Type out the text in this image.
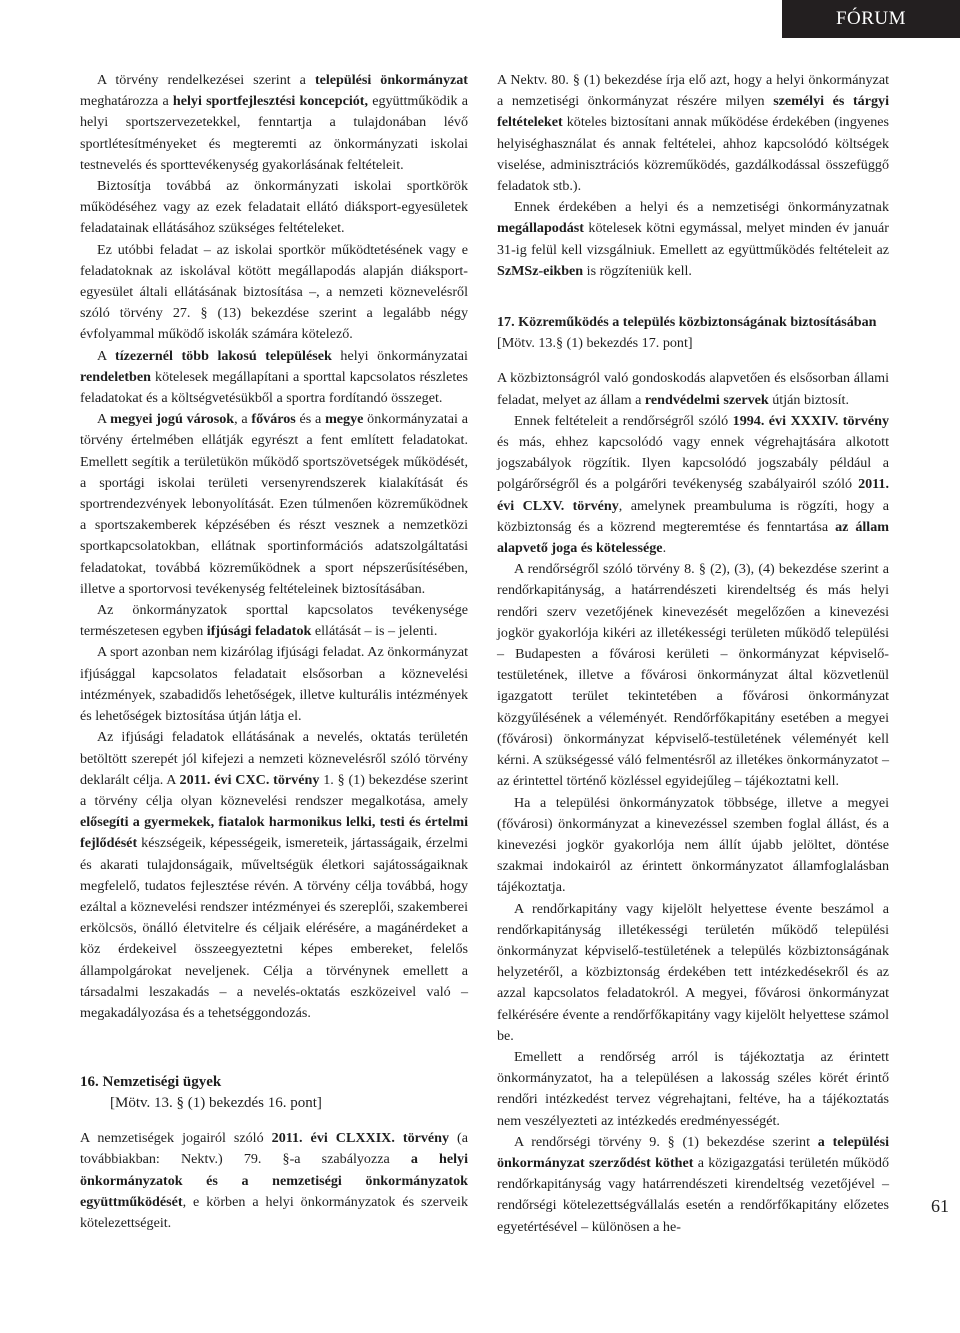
FÓRUM

A törvény rendelkezései szerint a települési önkormányzat meghatározza a helyi sportfejlesztési koncepciót, együttműködik a helyi sportszervezetekkel, fenntartja a tulajdonában lévő sportlétesítményeket és megteremti az önkormányzati iskolai testnevelés és sporttevékenység gyakorlásának feltételeit.

Biztosítja továbbá az önkormányzati iskolai sportkörök működéséhez vagy az ezek feladatait ellátó diáksport-egyesületek feladatainak ellátásához szükséges feltételeket.

Ez utóbbi feladat – az iskolai sportkör működtetésének vagy e feladatoknak az iskolával kötött megállapodás alapján diáksport-egyesület általi ellátásának biztosítása –, a nemzeti köznevelésről szóló törvény 27. § (13) bekezdése szerint a legalább négy évfolyammal működő iskolák számára kötelező.

A tízezernél több lakosú települések helyi önkormányzatai rendeletben kötelesek megállapítani a sporttal kapcsolatos részletes feladatokat és a költségvetésükből a sportra fordítandó összeget.

A megyei jogú városok, a főváros és a megye önkormányzatai a törvény értelmében ellátják egyrészt a fent említett feladatokat. Emellett segítik a területükön működő sportszövetségek működését, a sportági iskolai területi versenyrendszerek kialakítását és sportrendezvények lebonyolítását. Ezen túlmenően közreműködnek a sportszakemberek képzésében és részt vesznek a nemzetközi sportkapcsolatokban, ellátnak sportinformációs adatszolgáltatási feladatokat, továbbá közreműködnek a sport népszerűsítésében, illetve a sportorvosi tevékenység feltételeinek biztosításában.

Az önkormányzatok sporttal kapcsolatos tevékenysége természetesen egyben ifjúsági feladatok ellátását – is – jelenti.

A sport azonban nem kizárólag ifjúsági feladat. Az önkormányzat ifjúsággal kapcsolatos feladatait elsősorban a köznevelési intézmények, szabadidős lehetőségek, illetve kulturális intézmények és lehetőségek biztosítása útján látja el.

Az ifjúsági feladatok ellátásának a nevelés, oktatás területén betöltött szerepét jól kifejezi a nemzeti köznevelésről szóló törvény deklarált célja. A 2011. évi CXC. törvény 1. § (1) bekezdése szerint a törvény célja olyan köznevelési rendszer megalkotása, amely elősegíti a gyermekek, fiatalok harmonikus lelki, testi és értelmi fejlődését készségeik, képességeik, ismereteik, jártasságaik, érzelmi és akarati tulajdonságaik, műveltségük életkori sajátosságaiknak megfelelő, tudatos fejlesztése révén. A törvény célja továbbá, hogy ezáltal a köznevelési rendszer intézményei és szereplői, szakemberei erkölcsös, önálló életvitelre és céljaik elérésére, a magánérdeket a köz érdekeivel összeegyeztetni képes embereket, felelős állampolgárokat neveljenek. Célja a törvénynek emellett a társadalmi leszakadás – a nevelés-oktatás eszközeivel való – megakadályozása és a tehetséggondozás.

16. Nemzetiségi ügyek

[Mötv. 13. § (1) bekezdés 16. pont]

A nemzetiségek jogairól szóló 2011. évi CLXXIX. törvény (a továbbiakban: Nektv.) 79. §-a szabályozza a helyi önkormányzatok és a nemzetiségi önkormányzatok együttműködését, e körben a helyi önkormányzatok és szerveik kötelezettségeit.

A Nektv. 80. § (1) bekezdése írja elő azt, hogy a helyi önkormányzat a nemzetiségi önkormányzat részére milyen személyi és tárgyi feltételeket köteles biztosítani annak működése érdekében (ingyenes helyiséghasználat és annak feltételei, ahhoz kapcsolódó költségek viselése, adminisztrációs közreműködés, gazdálkodással összefüggő feladatok stb.).

Ennek érdekében a helyi és a nemzetiségi önkormányzatnak megállapodást kötelesek kötni egymással, melyet minden év január 31-ig felül kell vizsgálniuk. Emellett az együttműködés feltételeit az SzMSz-eikben is rögzíteniük kell.

17. Közreműködés a település közbiztonságának biztosításában [Mötv. 13.§ (1) bekezdés 17. pont]

A közbiztonságról való gondoskodás alapvetően és elsősorban állami feladat, melyet az állam a rendvédelmi szervek útján biztosít.

Ennek feltételeit a rendőrségről szóló 1994. évi XXXIV. törvény és más, ehhez kapcsolódó vagy ennek végrehajtására alkotott jogszabályok rögzítik. Ilyen kapcsolódó jogszabály például a polgárőrségről és a polgárőri tevékenység szabályairól szóló 2011. évi CLXV. törvény, amelynek preambuluma is rögzíti, hogy a közbiztonság és a közrend megteremtése és fenntartása az állam alapvető joga és kötelessége.

A rendőrségről szóló törvény 8. § (2), (3), (4) bekezdése szerint a rendőrkapitányság, a határrendészeti kirendeltség és más helyi rendőri szerv vezetőjének kinevezését megelőzően a kinevezési jogkör gyakorlója kikéri az illetékességi területen működő települési – Budapesten a fővárosi kerületi – önkormányzat képviselő-testületének, illetve a fővárosi önkormányzat által közvetlenül igazgatott terület tekintetében a fővárosi önkormányzat közgyűlésének a véleményét. Rendőrfőkapitány esetében a megyei (fővárosi) önkormányzat képviselő-testületének véleményét kell kérni. A szükségessé váló felmentésről az illetékes önkormányzatot – az érintettel történő közléssel egyidejűleg – tájékoztatni kell.

Ha a települési önkormányzatok többsége, illetve a megyei (fővárosi) önkormányzat a kinevezéssel szemben foglal állást, és a kinevezési jogkör gyakorlója nem állít újabb jelöltet, döntése szakmai indokairól az érintett önkormányzatot államfoglalásban tájékoztatja.

A rendőrkapitány vagy kijelölt helyettese évente beszámol a rendőrkapitányság illetékességi területén működő települési önkormányzat képviselő-testületének a település közbiztonságának helyzetéről, a közbiztonság érdekében tett intézkedésekről és az azzal kapcsolatos feladatokról. A megyei, fővárosi önkormányzat felkérésére évente a rendőrfőkapitány vagy kijelölt helyettese számol be.

Emellett a rendőrség arról is tájékoztatja az érintett önkormányzatot, ha a településen a lakosság széles körét érintő rendőri intézkedést tervez végrehajtani, feltéve, ha a tájékoztatás nem veszélyezteti az intézkedés eredményességét.

A rendőrségi törvény 9. § (1) bekezdése szerint a települési önkormányzat szerződést köthet a közigazgatási területén működő rendőrkapitányság vagy határrendészeti kirendeltség vezetőjével – rendőrségi kötelezettségvállalás esetén a rendőrfőkapitány előzetes egyetértésével – különösen a he-

61
